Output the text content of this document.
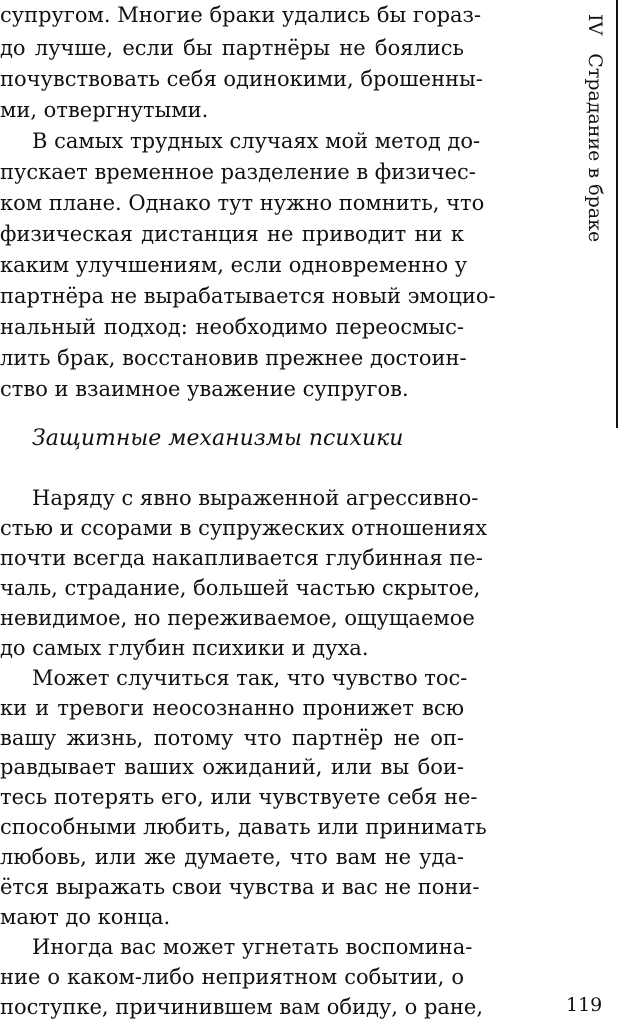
супругом. Многие браки удались бы гораз-
до лучше, если бы партнёры не боялись
почувствовать себя одинокими, брошенны-
ми, отвергнутыми.
В самых трудных случаях мой метод до-
пускает временное разделение в физичес-
ком плане. Однако тут нужно помнить, что
физическая дистанция не приводит ни к
каким улучшениям, если одновременно у
партнёра не вырабатывается новый эмоцио-
нальный подход: необходимо переосмыс-
лить брак, восстановив прежнее достоин-
ство и взаимное уважение супругов.
Защитные механизмы психики
Наряду с явно выраженной агрессивно-
стью и ссорами в супружеских отношениях
почти всегда накапливается глубинная пе-
чаль, страдание, большей частью скрытое,
невидимое, но переживаемое, ощущаемое
до самых глубин психики и духа.
Может случиться так, что чувство тос-
ки и тревоги неосознанно пронижет всю
вашу жизнь, потому что партнёр не оп-
равдывает ваших ожиданий, или вы бои-
тесь потерять его, или чувствуете себя не-
способными любить, давать или принимать
любовь, или же думаете, что вам не уда-
ётся выражать свои чувства и вас не пони-
мают до конца.
Иногда вас может угнетать воспомина-
ние о каком-либо неприятном событии, о
поступке, причинившем вам обиду, о ране,
IV Страдание в браке
119
